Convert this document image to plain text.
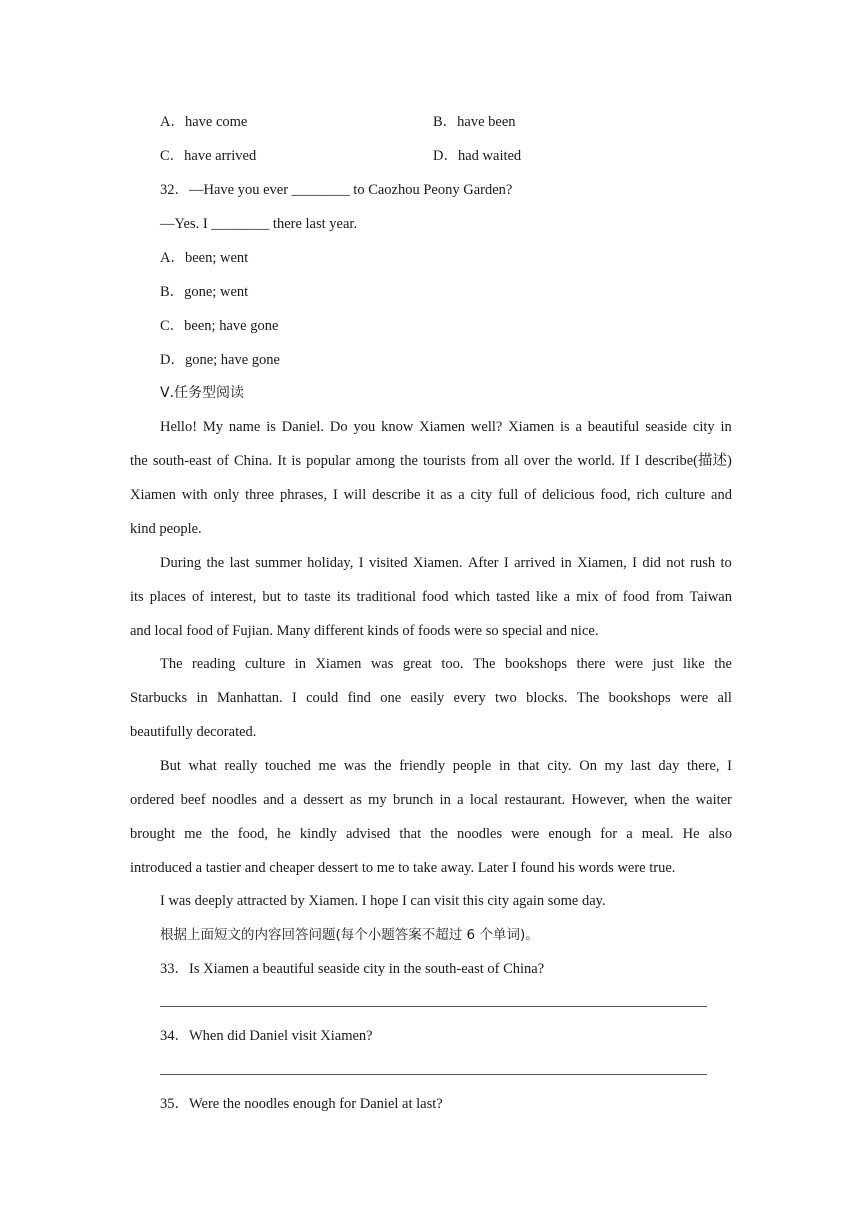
A．have come	B．have been
C．have arrived	D．had waited
32．—Have you ever ________ to Caozhou Peony Garden?
—Yes. I ________ there last year.
A．been; went
B．gone; went
C．been; have gone
D．gone; have gone
Ⅴ.任务型阅读
Hello! My name is Daniel. Do you know Xiamen well? Xiamen is a beautiful seaside city in
the south-east of China. It is popular among the tourists from all over the world. If I describe(描述)
Xiamen with only three phrases, I will describe it as a city full of delicious food, rich culture and
kind people.
During the last summer holiday, I visited Xiamen. After I arrived in Xiamen, I did not rush to
its places of interest, but to taste its traditional food which tasted like a mix of food from Taiwan
and local food of Fujian. Many different kinds of foods were so special and nice.
The reading culture in Xiamen was great too. The bookshops there were just like the
Starbucks in Manhattan. I could find one easily every two blocks. The bookshops were all
beautifully decorated.
But what really touched me was the friendly people in that city. On my last day there, I
ordered beef noodles and a dessert as my brunch in a local restaurant. However, when the waiter
brought me the food, he kindly advised that the noodles were enough for a meal. He also
introduced a tastier and cheaper dessert to me to take away. Later I found his words were true.
I was deeply attracted by Xiamen. I hope I can visit this city again some day.
根据上面短文的内容回答问题(每个小题答案不超过 6 个单词)。
33．Is Xiamen a beautiful seaside city in the south-east of China?
34．When did Daniel visit Xiamen?
35．Were the noodles enough for Daniel at last?
